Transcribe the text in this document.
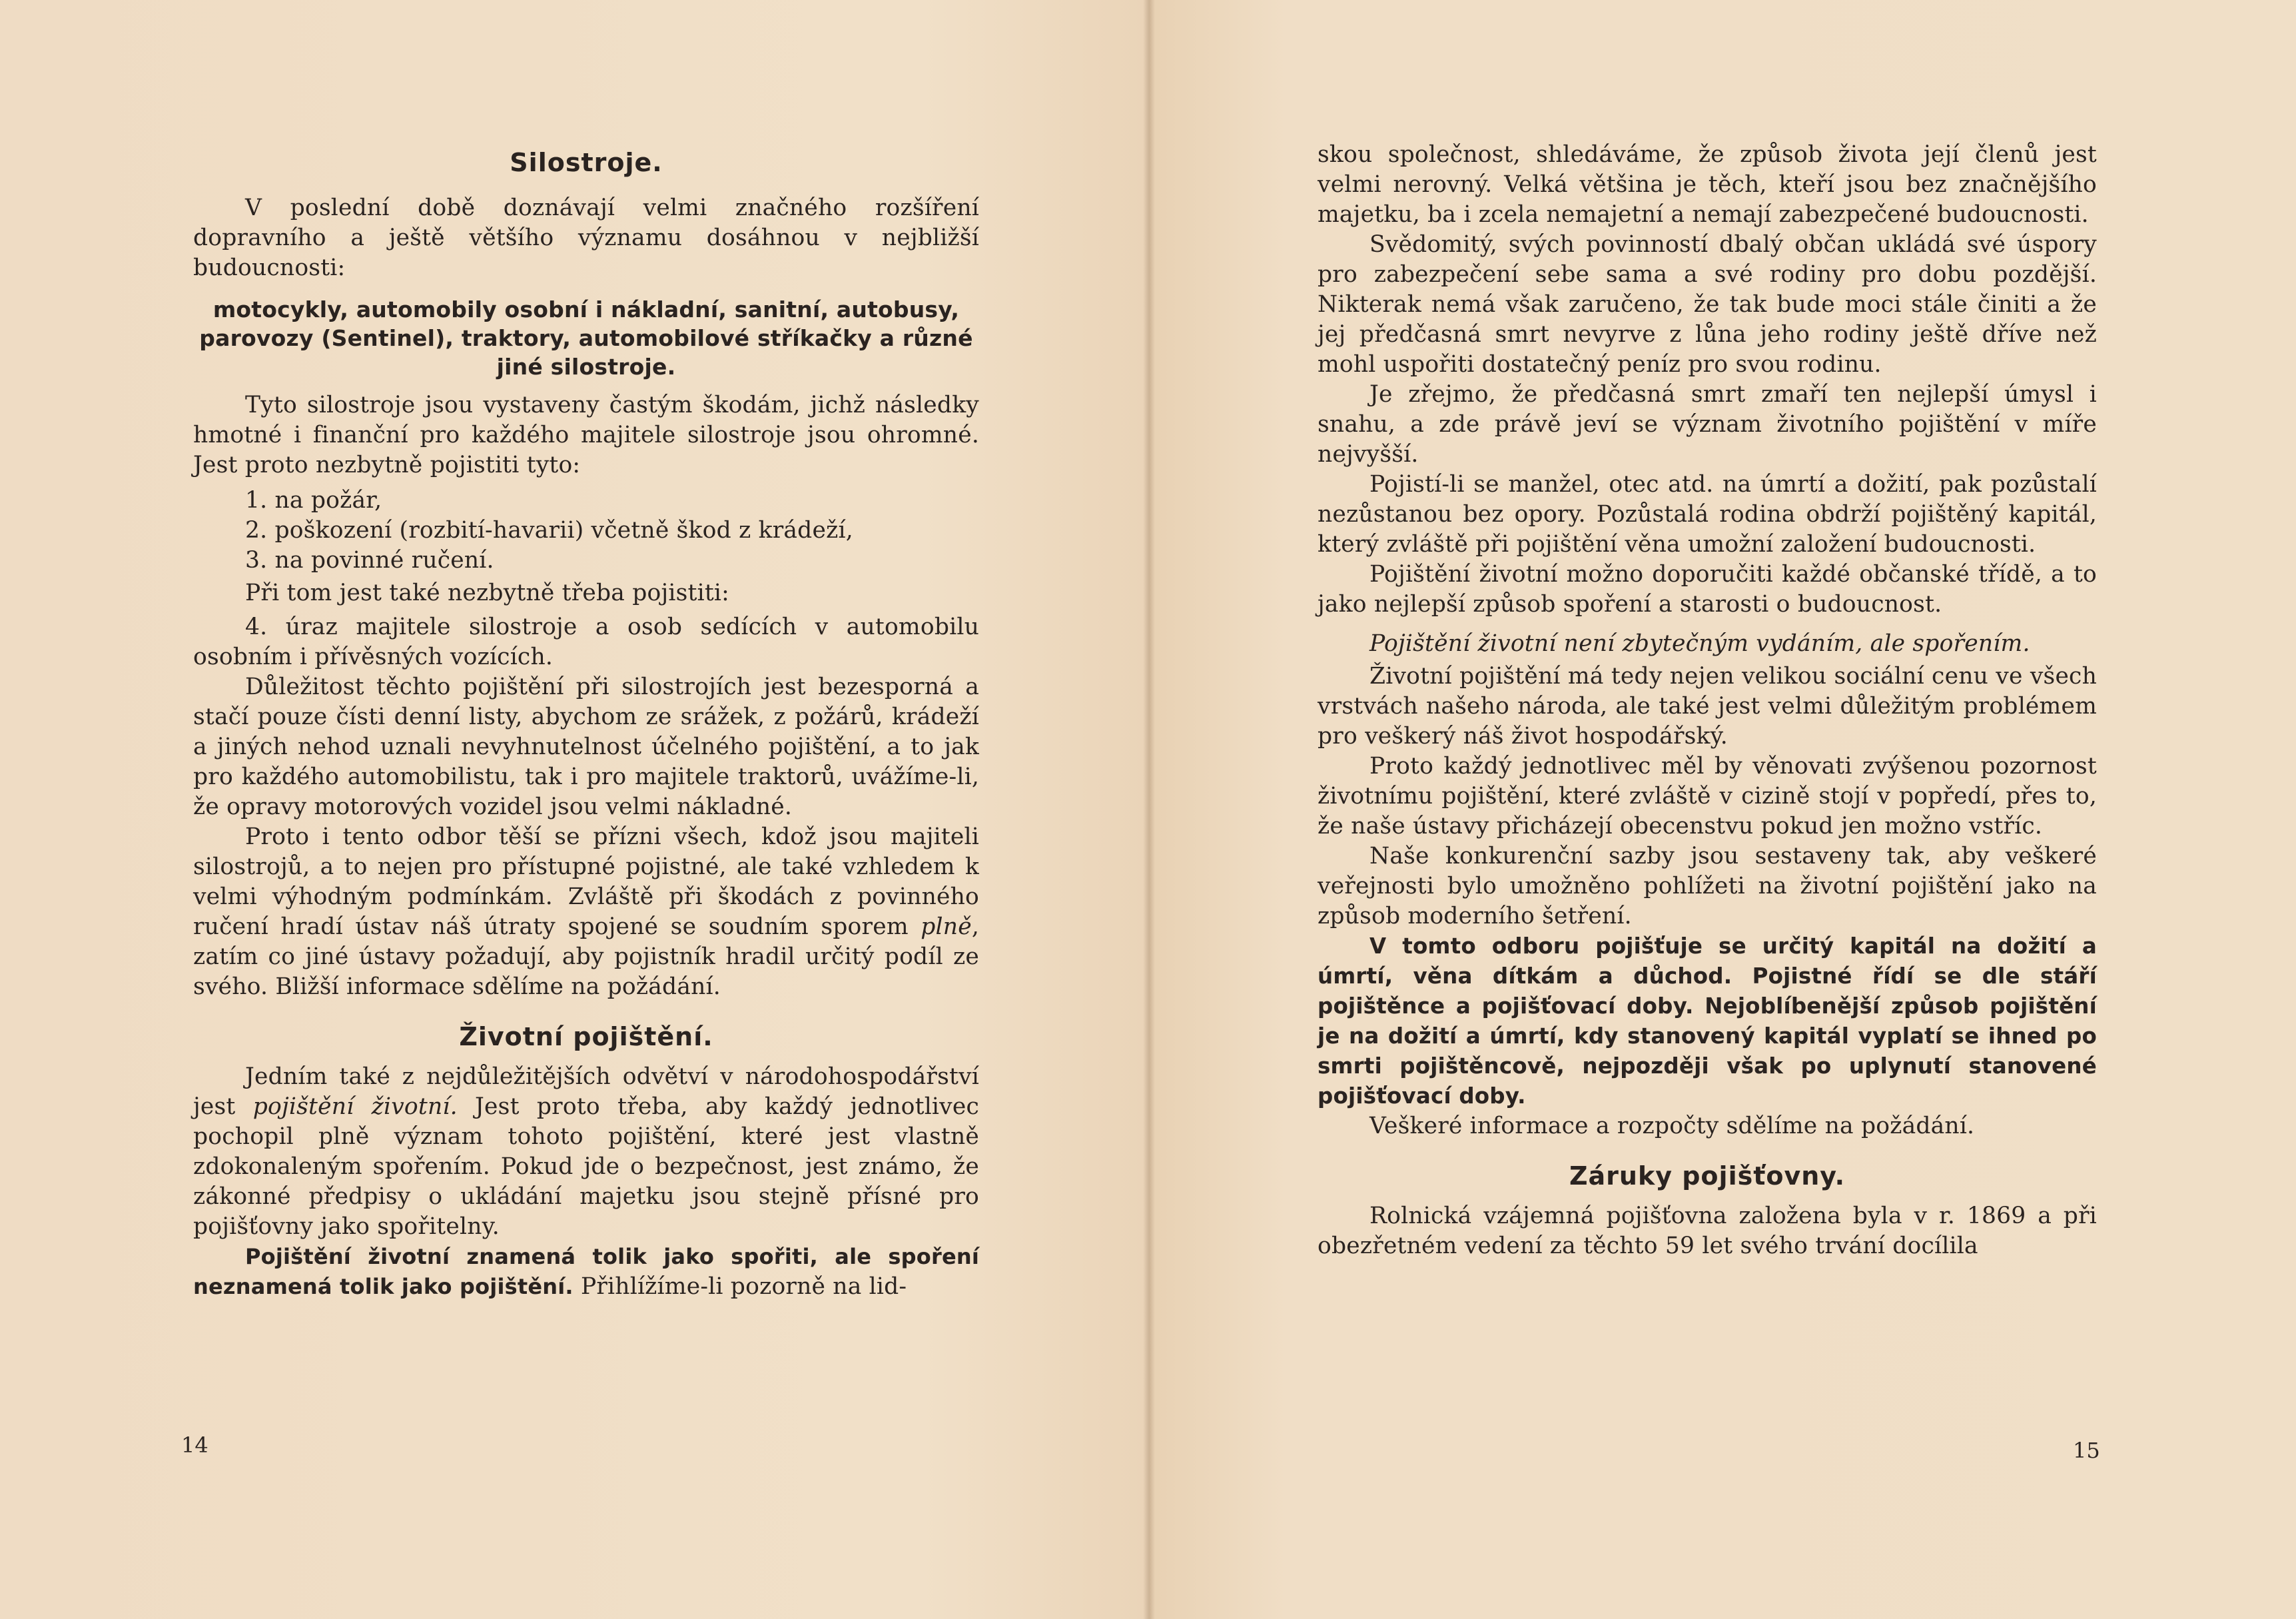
Silostroje.

V poslední době doznávají velmi značného rozšíření dopravního a ještě většího významu dosáhnou v nejbližší budoucnosti:

motocykly, automobily osobní i nákladní, sanitní, autobusy, parovozy (Sentinel), traktory, automobilové stříkačky a různé jiné silostroje.

Tyto silostroje jsou vystaveny častým škodám, jichž následky hmotné i finanční pro každého majitele silostroje jsou ohromné. Jest proto nezbytně pojistiti tyto:

1. na požár,

2. poškození (rozbití-havarii) včetně škod z krádeží,

3. na povinné ručení.

Při tom jest také nezbytně třeba pojistiti:

4. úraz majitele silostroje a osob sedících v automobilu osobním i přívěsných vozících.

Důležitost těchto pojištění při silostrojích jest bezesporná a stačí pouze čísti denní listy, abychom ze srážek, z požárů, krádeží a jiných nehod uznali nevyhnutelnost účelného pojištění, a to jak pro každého automobilistu, tak i pro majitele traktorů, uvážíme-li, že opravy motorových vozidel jsou velmi nákladné.

Proto i tento odbor těší se přízni všech, kdož jsou majiteli silostrojů, a to nejen pro přístupné pojistné, ale také vzhledem k velmi výhodným podmínkám. Zvláště při škodách z povinného ručení hradí ústav náš útraty spojené se soudním sporem plně, zatím co jiné ústavy požadují, aby pojistník hradil určitý podíl ze svého. Bližší informace sdělíme na požádání.

Životní pojištění.

Jedním také z nejdůležitějších odvětví v národohospodářství jest pojištění životní. Jest proto třeba, aby každý jednotlivec pochopil plně význam tohoto pojištění, které jest vlastně zdokonaleným spořením. Pokud jde o bezpečnost, jest známo, že zákonné předpisy o ukládání majetku jsou stejně přísné pro pojišťovny jako spořitelny.

Pojištění životní znamená tolik jako spořiti, ale spoření neznamená tolik jako pojištění. Přihlížíme-li pozorně na lid-

14

skou společnost, shledáváme, že způsob života její členů jest velmi nerovný. Velká většina je těch, kteří jsou bez značnějšího majetku, ba i zcela nemajetní a nemají zabezpečené budoucnosti.

Svědomitý, svých povinností dbalý občan ukládá své úspory pro zabezpečení sebe sama a své rodiny pro dobu pozdější. Nikterak nemá však zaručeno, že tak bude moci stále činiti a že jej předčasná smrt nevyrve z lůna jeho rodiny ještě dříve než mohl uspořiti dostatečný peníz pro svou rodinu.

Je zřejmo, že předčasná smrt zmaří ten nejlepší úmysl i snahu, a zde právě jeví se význam životního pojištění v míře nejvyšší.

Pojistí-li se manžel, otec atd. na úmrtí a dožití, pak pozůstalí nezůstanou bez opory. Pozůstalá rodina obdrží pojištěný kapitál, který zvláště při pojištění věna umožní založení budoucnosti.

Pojištění životní možno doporučiti každé občanské třídě, a to jako nejlepší způsob spoření a starosti o budoucnost.

Pojištění životní není zbytečným vydáním, ale spořením.

Životní pojištění má tedy nejen velikou sociální cenu ve všech vrstvách našeho národa, ale také jest velmi důležitým problémem pro veškerý náš život hospodářský.

Proto každý jednotlivec měl by věnovati zvýšenou pozornost životnímu pojištění, které zvláště v cizině stojí v popředí, přes to, že naše ústavy přicházejí obecenstvu pokud jen možno vstříc.

Naše konkurenční sazby jsou sestaveny tak, aby veškeré veřejnosti bylo umožněno pohlížeti na životní pojištění jako na způsob moderního šetření.

V tomto odboru pojišťuje se určitý kapitál na dožití a úmrtí, věna dítkám a důchod. Pojistné řídí se dle stáří pojištěnce a pojišťovací doby. Nejoblíbenější způsob pojištění je na dožití a úmrtí, kdy stanovený kapitál vyplatí se ihned po smrti pojištěncově, nejpozději však po uplynutí stanovené pojišťovací doby.

Veškeré informace a rozpočty sdělíme na požádání.

Záruky pojišťovny.

Rolnická vzájemná pojišťovna založena byla v r. 1869 a při obezřetném vedení za těchto 59 let svého trvání docílila

15
